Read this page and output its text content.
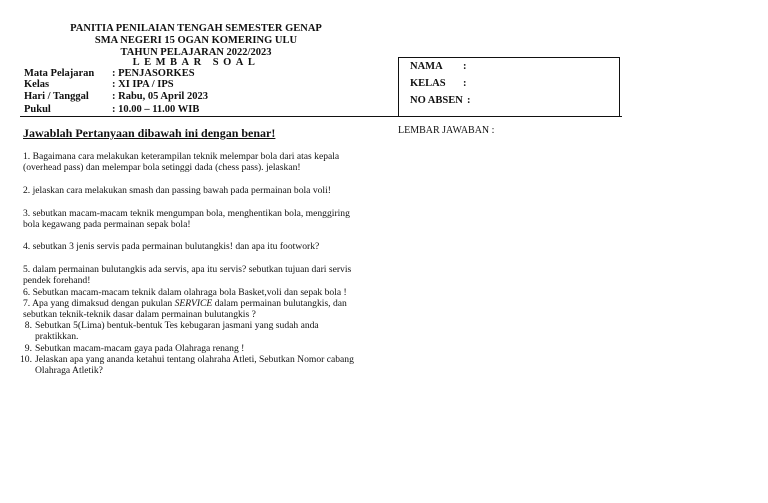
PANITIA PENILAIAN TENGAH SEMESTER GENAP
SMA NEGERI 15 OGAN KOMERING ULU
TAHUN PELAJARAN 2022/2023
LEMBAR SOAL
Mata Pelajaran : PENJASORKES
Kelas	: XI IPA / IPS
Hari / Tanggal : Rabu, 05 April 2023
Pukul	: 10.00 – 11.00 WIB
NAMA :
KELAS :
NO ABSEN :
Jawablah Pertanyaan dibawah ini dengan benar!	LEMBAR JAWABAN :
1. Bagaimana cara melakukan keterampilan teknik melempar bola dari atas kepala
(overhead pass) dan melempar bola setinggi dada (chess pass). jelaskan!
2. jelaskan cara melakukan smash dan passing bawah pada permainan bola voli!
3. sebutkan macam-macam teknik mengumpan bola, menghentikan bola, menggiring
bola kegawang pada permainan sepak bola!
4. sebutkan 3 jenis servis pada permainan bulutangkis! dan apa itu footwork?
5. dalam permainan bulutangkis ada servis, apa itu servis? sebutkan tujuan dari servis
pendek forehand!
6. Sebutkan macam-macam teknik dalam olahraga bola Basket,voli dan sepak bola !
7. Apa yang dimaksud dengan pukulan SERVICE dalam permainan bulutangkis, dan
sebutkan teknik-teknik dasar dalam permainan bulutangkis ?
8. Sebutkan 5(Lima) bentuk-bentuk Tes kebugaran jasmani yang sudah anda
praktikkan.
9. Sebutkan macam-macam gaya pada Olahraga renang !
10. Jelaskan apa yang ananda ketahui tentang olahraha Atleti, Sebutkan Nomor cabang
Olahraga Atletik?
